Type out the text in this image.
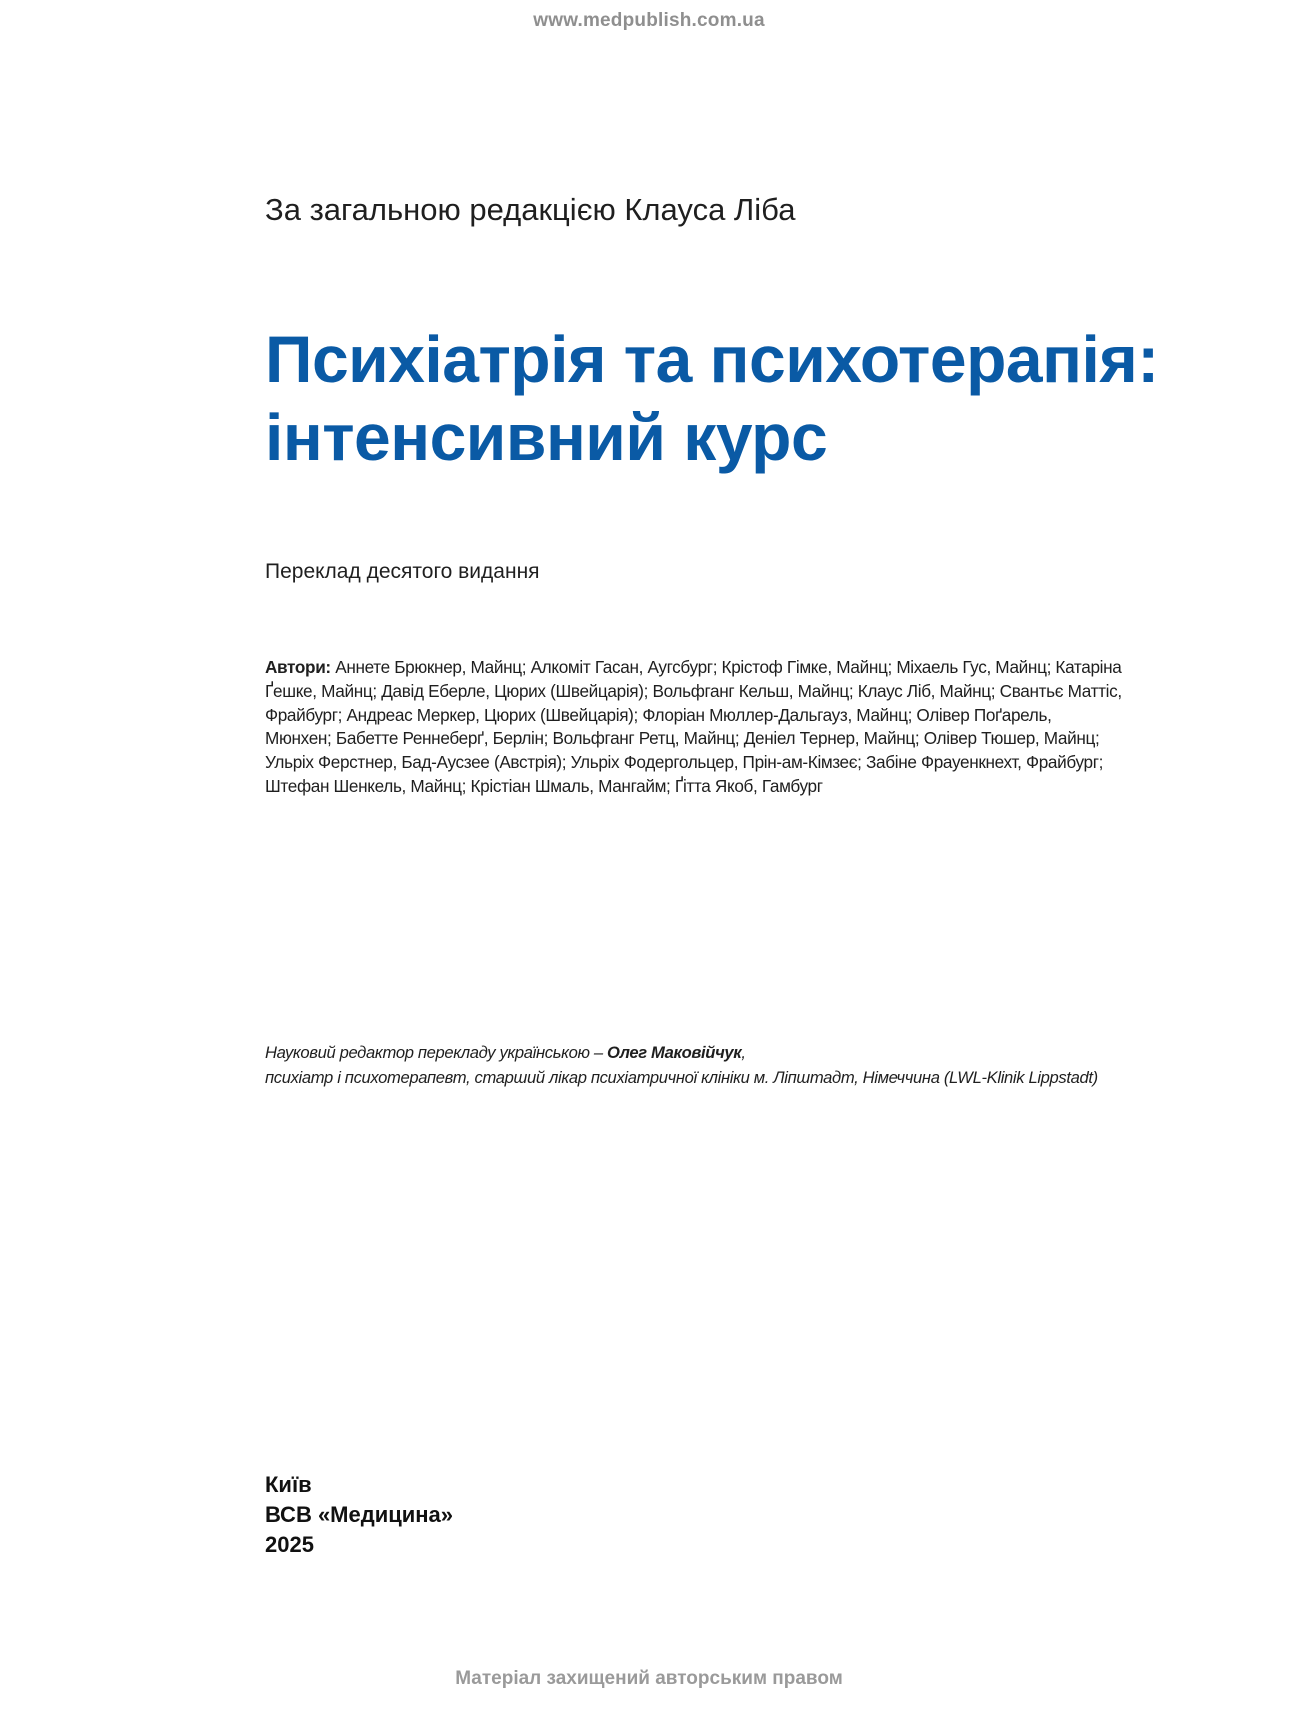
www.medpublish.com.ua
За загальною редакцією Клауса Ліба
Психіатрія та психотерапія:
інтенсивний курс
Переклад десятого видання
Автори: Аннете Брюкнер, Майнц; Алкоміт Гасан, Аугсбург; Крістоф Гімке, Майнц; Міхаель Гус, Майнц; Катаріна
Ґешке, Майнц; Давід Еберле, Цюрих (Швейцарія); Вольфганг Кельш, Майнц; Клаус Ліб, Майнц; Свантьє Маттіс,
Фрайбург; Андреас Меркер, Цюрих (Швейцарія); Флоріан Мюллер-Дальгауз, Майнц; Олівер Поґарель,
Мюнхен; Бабетте Реннеберґ, Берлін; Вольфганг Ретц, Майнц; Деніел Тернер, Майнц; Олівер Тюшер, Майнц;
Ульріх Ферстнер, Бад-Аусзее (Австрія); Ульріх Фодергольцер, Прін-ам-Кімзеє; Забіне Фрауенкнехт, Фрайбург;
Штефан Шенкель, Майнц; Крістіан Шмаль, Мангайм; Ґітта Якоб, Гамбург
Науковий редактор перекладу українською – Олег Маковійчук,
психіатр і психотерапевт, старший лікар психіатричної клініки м. Ліпштадт, Німеччина (LWL-Klinik Lippstadt)
Київ
ВСВ «Медицина»
2025
Матеріал захищений авторським правом
